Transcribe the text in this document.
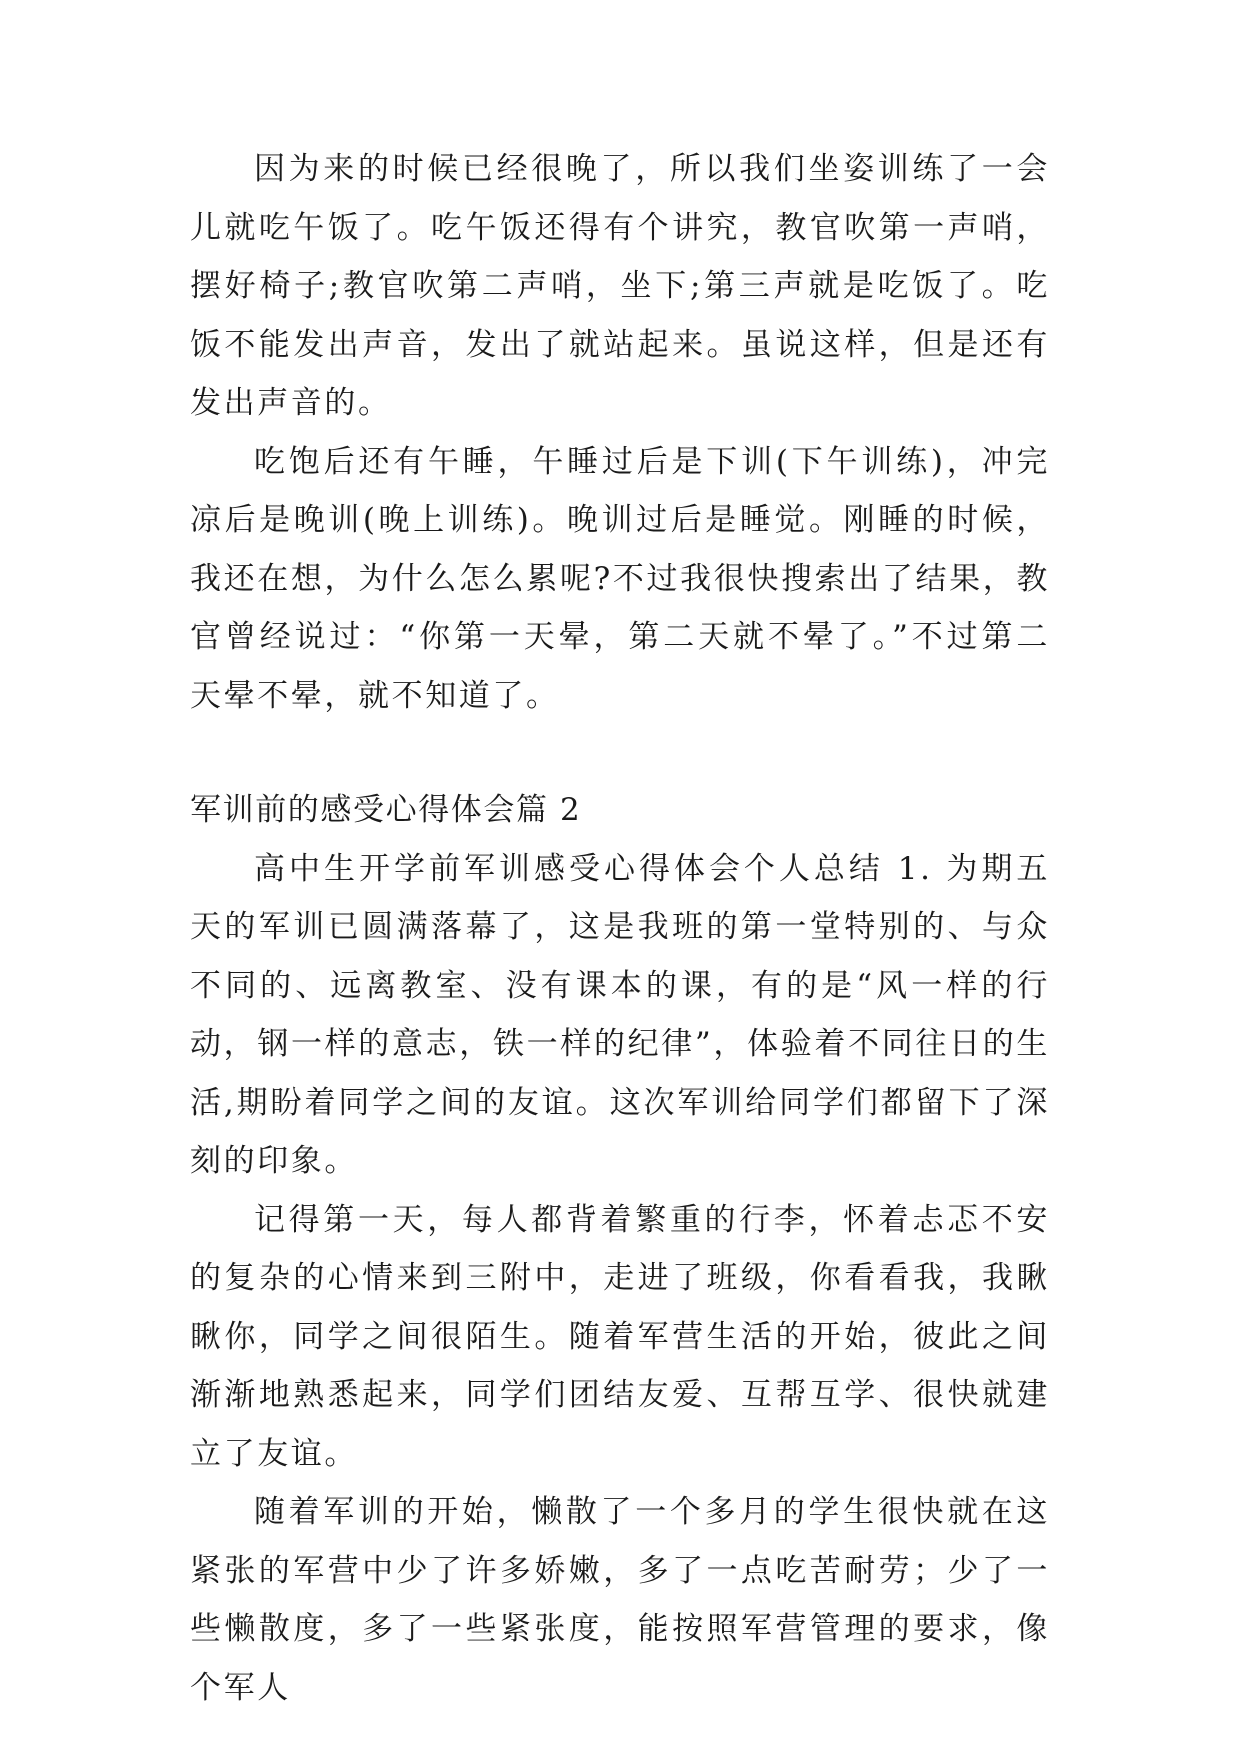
因为来的时候已经很晚了，所以我们坐姿训练了一会儿就吃午饭了。吃午饭还得有个讲究，教官吹第一声哨，摆好椅子;教官吹第二声哨，坐下;第三声就是吃饭了。吃饭不能发出声音，发出了就站起来。虽说这样，但是还有发出声音的。

吃饱后还有午睡，午睡过后是下训(下午训练)，冲完凉后是晚训(晚上训练)。晚训过后是睡觉。刚睡的时候，我还在想，为什么怎么累呢?不过我很快搜索出了结果，教官曾经说过：“你第一天晕，第二天就不晕了。”不过第二天晕不晕，就不知道了。

军训前的感受心得体会篇 2

高中生开学前军训感受心得体会个人总结 1. 为期五天的军训已圆满落幕了，这是我班的第一堂特别的、与众不同的、远离教室、没有课本的课，有的是“风一样的行动，钢一样的意志，铁一样的纪律”，体验着不同往日的生活,期盼着同学之间的友谊。这次军训给同学们都留下了深刻的印象。

记得第一天，每人都背着繁重的行李，怀着忐忑不安的复杂的心情来到三附中，走进了班级，你看看我，我瞅瞅你，同学之间很陌生。随着军营生活的开始，彼此之间渐渐地熟悉起来，同学们团结友爱、互帮互学、很快就建立了友谊。

随着军训的开始，懒散了一个多月的学生很快就在这紧张的军营中少了许多娇嫩，多了一点吃苦耐劳；少了一些懒散度，多了一些紧张度，能按照军营管理的要求，像个军人
